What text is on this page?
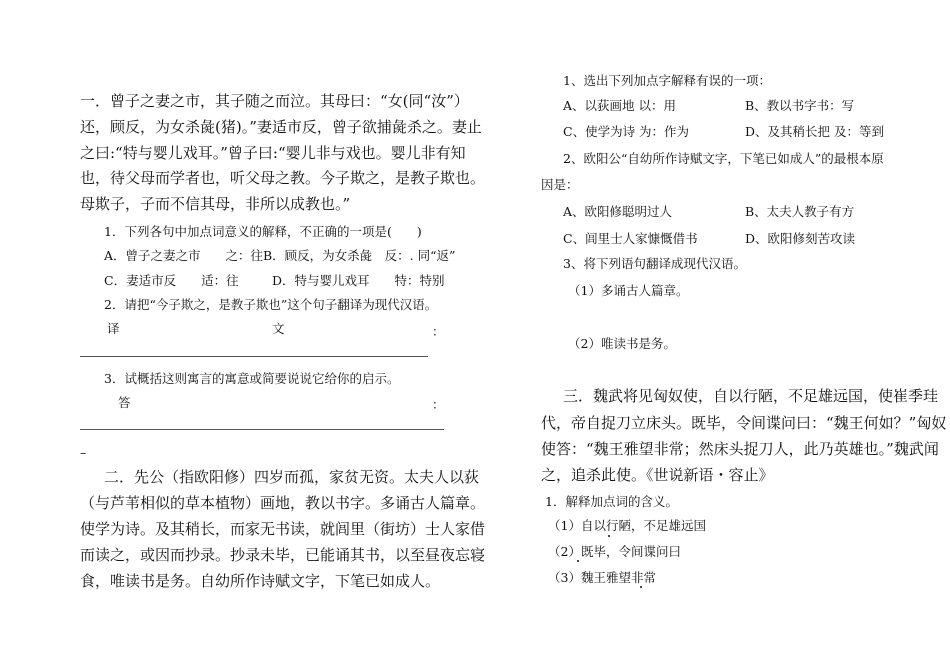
一．曾子之妻之市，其子随之而泣。其母曰：“女(同“汝”）
还，顾反，为女杀彘(猪)。”妻适市反，曾子欲捕彘杀之。妻止
之曰:“特与婴儿戏耳。”曾子曰:“婴儿非与戏也。婴儿非有知
也，待父母而学者也，听父母之教。今子欺之，是教子欺也。
母欺子，子而不信其母，非所以成教也。”
1．下列各句中加点词意义的解释，不正确的一项是(　　)
A．曾子之妻之市　　之：往 B．顾反，为女杀彘　反：. 同“返”
C．妻适市反　　适：往	D．特与婴儿戏耳　　特：特别
2．请把“今子欺之，是教子欺也”这个句子翻译为现代汉语。
译	文	：
3．试概括这则寓言的寓意或简要说说它给你的启示。
答	：
–
二．先公（指欧阳修）四岁而孤，家贫无资。太夫人以荻
（与芦苇相似的草本植物）画地，教以书字。多诵古人篇章。
使学为诗。及其稍长，而家无书读，就闾里（街坊）士人家借
而读之，或因而抄录。抄录未毕，已能诵其书，以至昼夜忘寝
食，唯读书是务。自幼所作诗赋文字，下笔已如成人。
1、选出下列加点字解释有误的一项：
A、以荻画地 以：用	B、教以书字书：写
C、使学为诗 为：作为	D、及其稍长把 及：等到
2、欧阳公“自幼所作诗赋文字，下笔已如成人”的最根本原
因是：
A、欧阳修聪明过人	B、太夫人教子有方
C、闾里士人家慷慨借书	D、欧阳修刻苦攻读
3、将下列语句翻译成现代汉语。
（1）多诵古人篇章。
（2）唯读书是务。
三．魏武将见匈奴使，自以行陋，不足雄远国，使崔季珪
代，帝自捉刀立床头。既毕，令间谍问曰：“魏王何如？”匈奴
使答：“魏王雅望非常；然床头捉刀人，此乃英雄也。”魏武闻
之，追杀此使。《世说新语・容止》
1．解释加点词的含义。
（1）自以行陋，不足雄远国
（2）既毕，令间谍问曰
（3）魏王雅望非常
